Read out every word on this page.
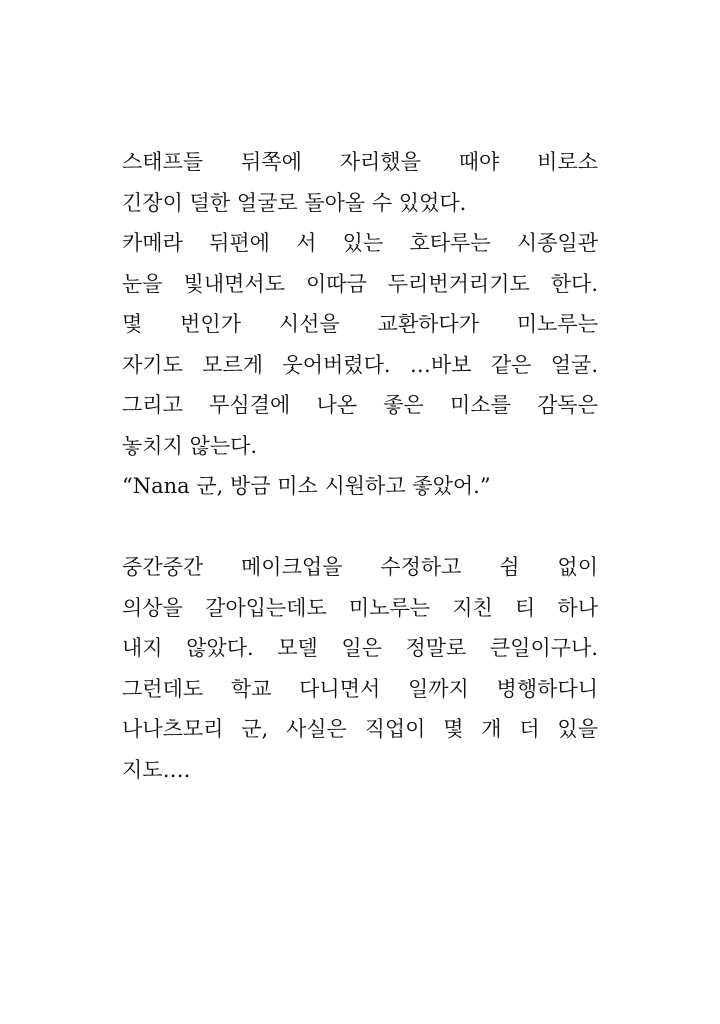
스태프들 뒤쪽에 자리했을 때야 비로소
긴장이 덜한 얼굴로 돌아올 수 있었다.
카메라 뒤편에 서 있는 호타루는 시종일관
눈을 빛내면서도 이따금 두리번거리기도 한다.
몇 번인가 시선을 교환하다가 미노루는
자기도 모르게 웃어버렸다. …바보 같은 얼굴.
그리고 무심결에 나온 좋은 미소를 감독은
놓치지 않는다.
“Nana 군, 방금 미소 시원하고 좋았어.”
중간중간 메이크업을 수정하고 쉼 없이
의상을 갈아입는데도 미노루는 지친 티 하나
내지 않았다. 모델 일은 정말로 큰일이구나.
그런데도 학교 다니면서 일까지 병행하다니
나나츠모리 군, 사실은 직업이 몇 개 더 있을
지도….
